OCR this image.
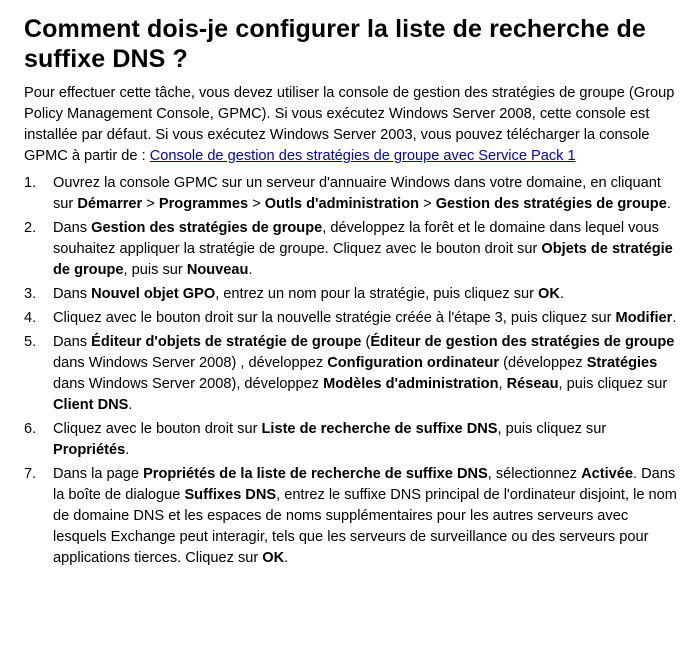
Comment dois-je configurer la liste de recherche de suffixe DNS ?

Pour effectuer cette tâche, vous devez utiliser la console de gestion des stratégies de groupe (Group Policy Management Console, GPMC). Si vous exécutez Windows Server 2008, cette console est installée par défaut. Si vous exécutez Windows Server 2003, vous pouvez télécharger la console GPMC à partir de : Console de gestion des stratégies de groupe avec Service Pack 1

1. Ouvrez la console GPMC sur un serveur d'annuaire Windows dans votre domaine, en cliquant sur Démarrer > Programmes > Outls d'administration > Gestion des stratégies de groupe.
2. Dans Gestion des stratégies de groupe, développez la forêt et le domaine dans lequel vous souhaitez appliquer la stratégie de groupe. Cliquez avec le bouton droit sur Objets de stratégie de groupe, puis sur Nouveau.
3. Dans Nouvel objet GPO, entrez un nom pour la stratégie, puis cliquez sur OK.
4. Cliquez avec le bouton droit sur la nouvelle stratégie créée à l'étape 3, puis cliquez sur Modifier.
5. Dans Éditeur d'objets de stratégie de groupe (Éditeur de gestion des stratégies de groupe dans Windows Server 2008) , développez Configuration ordinateur (développez Stratégies dans Windows Server 2008), développez Modèles d'administration, Réseau, puis cliquez sur Client DNS.
6. Cliquez avec le bouton droit sur Liste de recherche de suffixe DNS, puis cliquez sur Propriétés.
7. Dans la page Propriétés de la liste de recherche de suffixe DNS, sélectionnez Activée. Dans la boîte de dialogue Suffixes DNS, entrez le suffixe DNS principal de l'ordinateur disjoint, le nom de domaine DNS et les espaces de noms supplémentaires pour les autres serveurs avec lesquels Exchange peut interagir, tels que les serveurs de surveillance ou des serveurs pour applications tierces. Cliquez sur OK.
